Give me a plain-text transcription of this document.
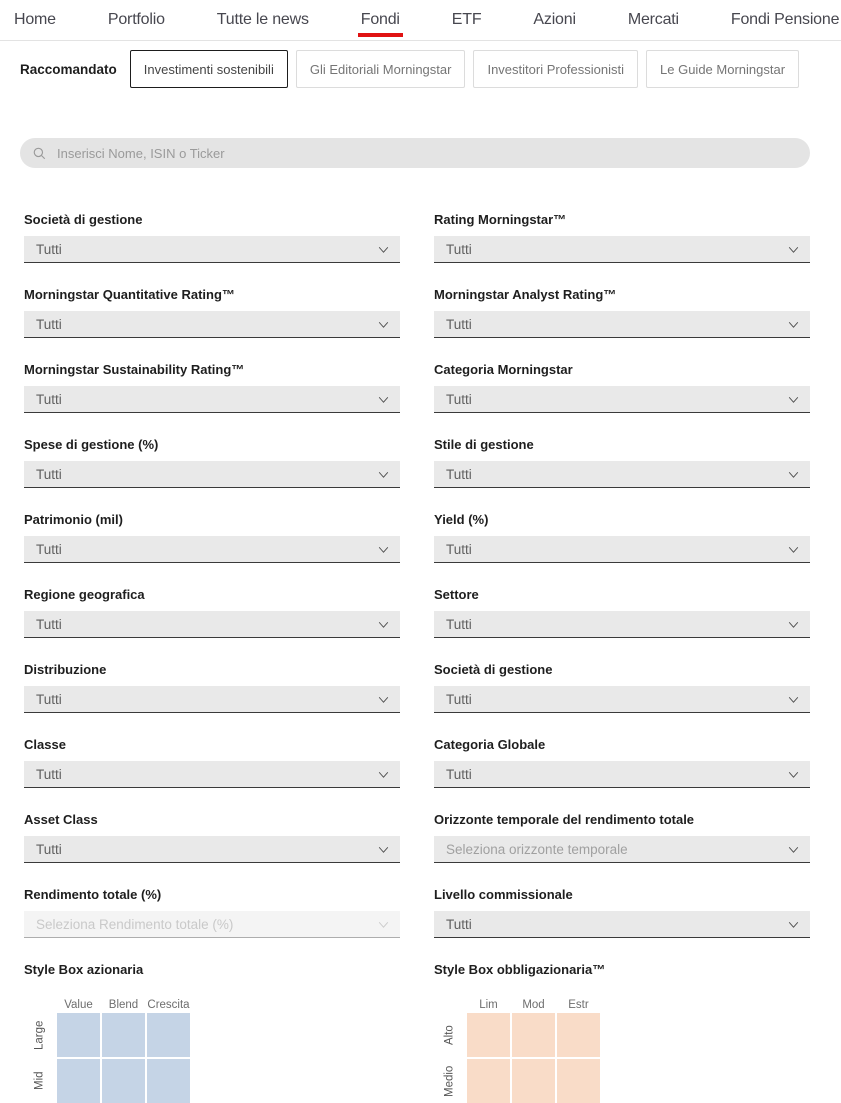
Home	Portfolio	Tutte le news	Fondi	ETF	Azioni	Mercati	Fondi Pensione
Raccomandato	Investimenti sostenibili	Gli Editoriali Morningstar	Investitori Professionisti	Le Guide Morningstar
Inserisci Nome, ISIN o Ticker
Società di gestione
Tutti
Rating Morningstar™
Tutti
Morningstar Quantitative Rating™
Tutti
Morningstar Analyst Rating™
Tutti
Morningstar Sustainability Rating™
Tutti
Categoria Morningstar
Tutti
Spese di gestione (%)
Tutti
Stile di gestione
Tutti
Patrimonio (mil)
Tutti
Yield (%)
Tutti
Regione geografica
Tutti
Settore
Tutti
Distribuzione
Tutti
Società di gestione
Tutti
Classe
Tutti
Categoria Globale
Tutti
Asset Class
Tutti
Orizzonte temporale del rendimento totale
Seleziona orizzonte temporale
Rendimento totale (%)
Seleziona Rendimento totale (%)
Livello commissionale
Tutti
Style Box azionaria
Value	Blend Crescita
Large
Mid
Style Box obbligazionaria™
Lim	Mod	Estr
Alto
Medio
